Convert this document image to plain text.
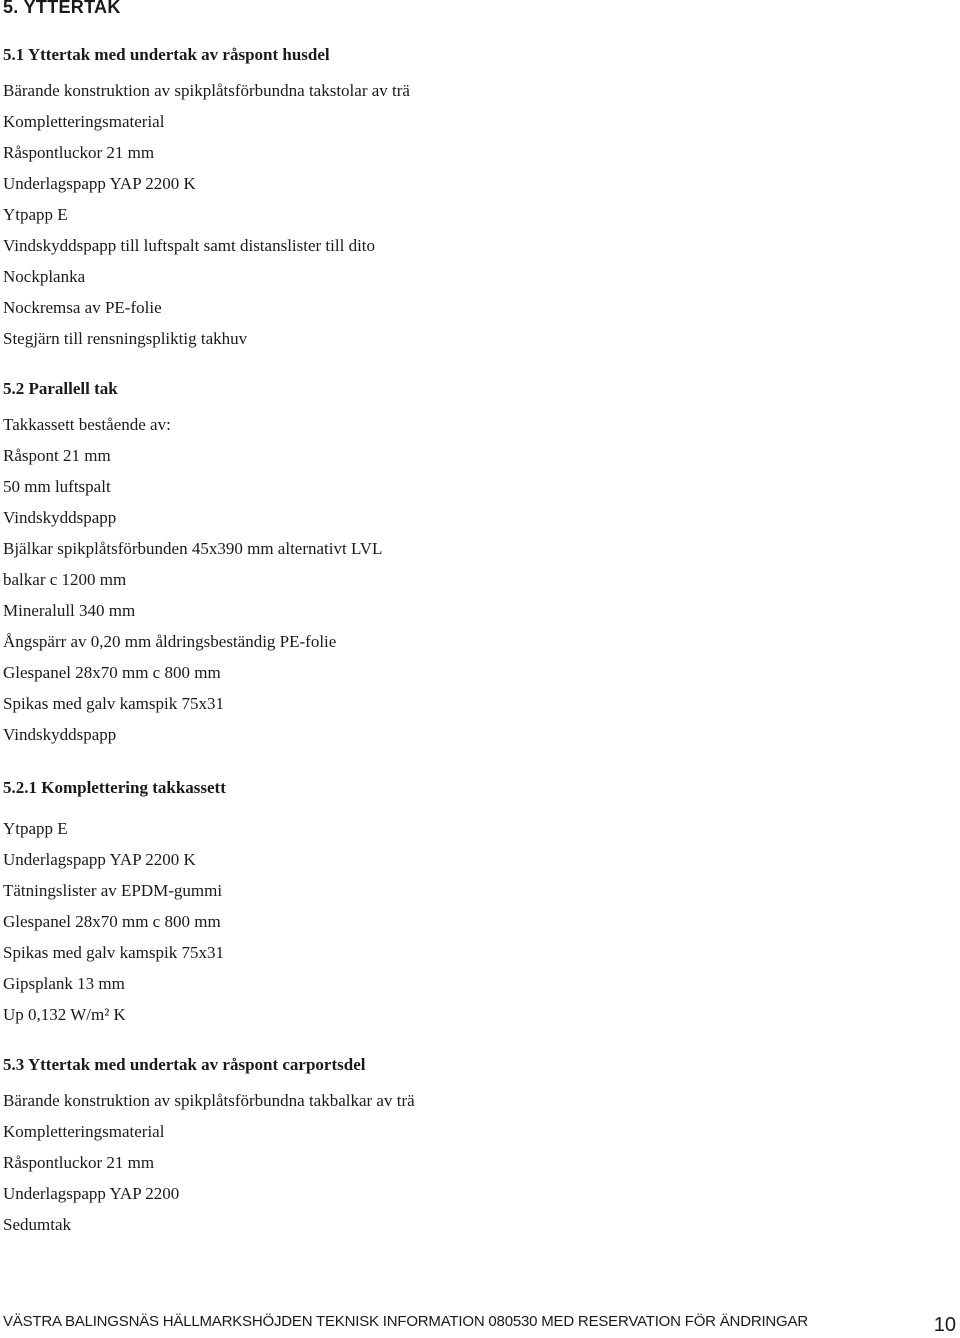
5. YTTERTAK
5.1 Yttertak med undertak av råspont husdel
Bärande konstruktion av spikplåtsförbundna takstolar av trä
Kompletteringsmaterial
Råspontluckor 21 mm
Underlagspapp YAP 2200 K
Ytpapp E
Vindskyddspapp till luftspalt samt distanslister till dito
Nockplanka
Nockremsa av PE-folie
Stegjärn till rensningspliktig takhuv
5.2 Parallell tak
Takkassett bestående av:
Råspont 21 mm
50 mm luftspalt
Vindskyddspapp
Bjälkar spikplåtsförbunden 45x390 mm alternativt LVL
balkar c 1200 mm
Mineralull 340 mm
Ångspärr av 0,20 mm åldringsbeständig PE-folie
Glespanel 28x70 mm c 800 mm
Spikas med galv kamspik 75x31
Vindskyddspapp
5.2.1 Komplettering takkassett
Ytpapp E
Underlagspapp YAP 2200 K
Tätningslister av EPDM-gummi
Glespanel 28x70 mm c 800 mm
Spikas med galv kamspik 75x31
Gipsplank 13 mm
Up 0,132 W/m² K
5.3 Yttertak med undertak av råspont carportsdel
Bärande konstruktion av spikplåtsförbundna takbalkar av trä
Kompletteringsmaterial
Råspontluckor 21 mm
Underlagspapp YAP 2200
Sedumtak
VÄSTRA BALINGSNÄS HÄLLMARKSHÖJDEN TEKNISK INFORMATION 080530 MED RESERVATION FÖR ÄNDRINGAR	10
